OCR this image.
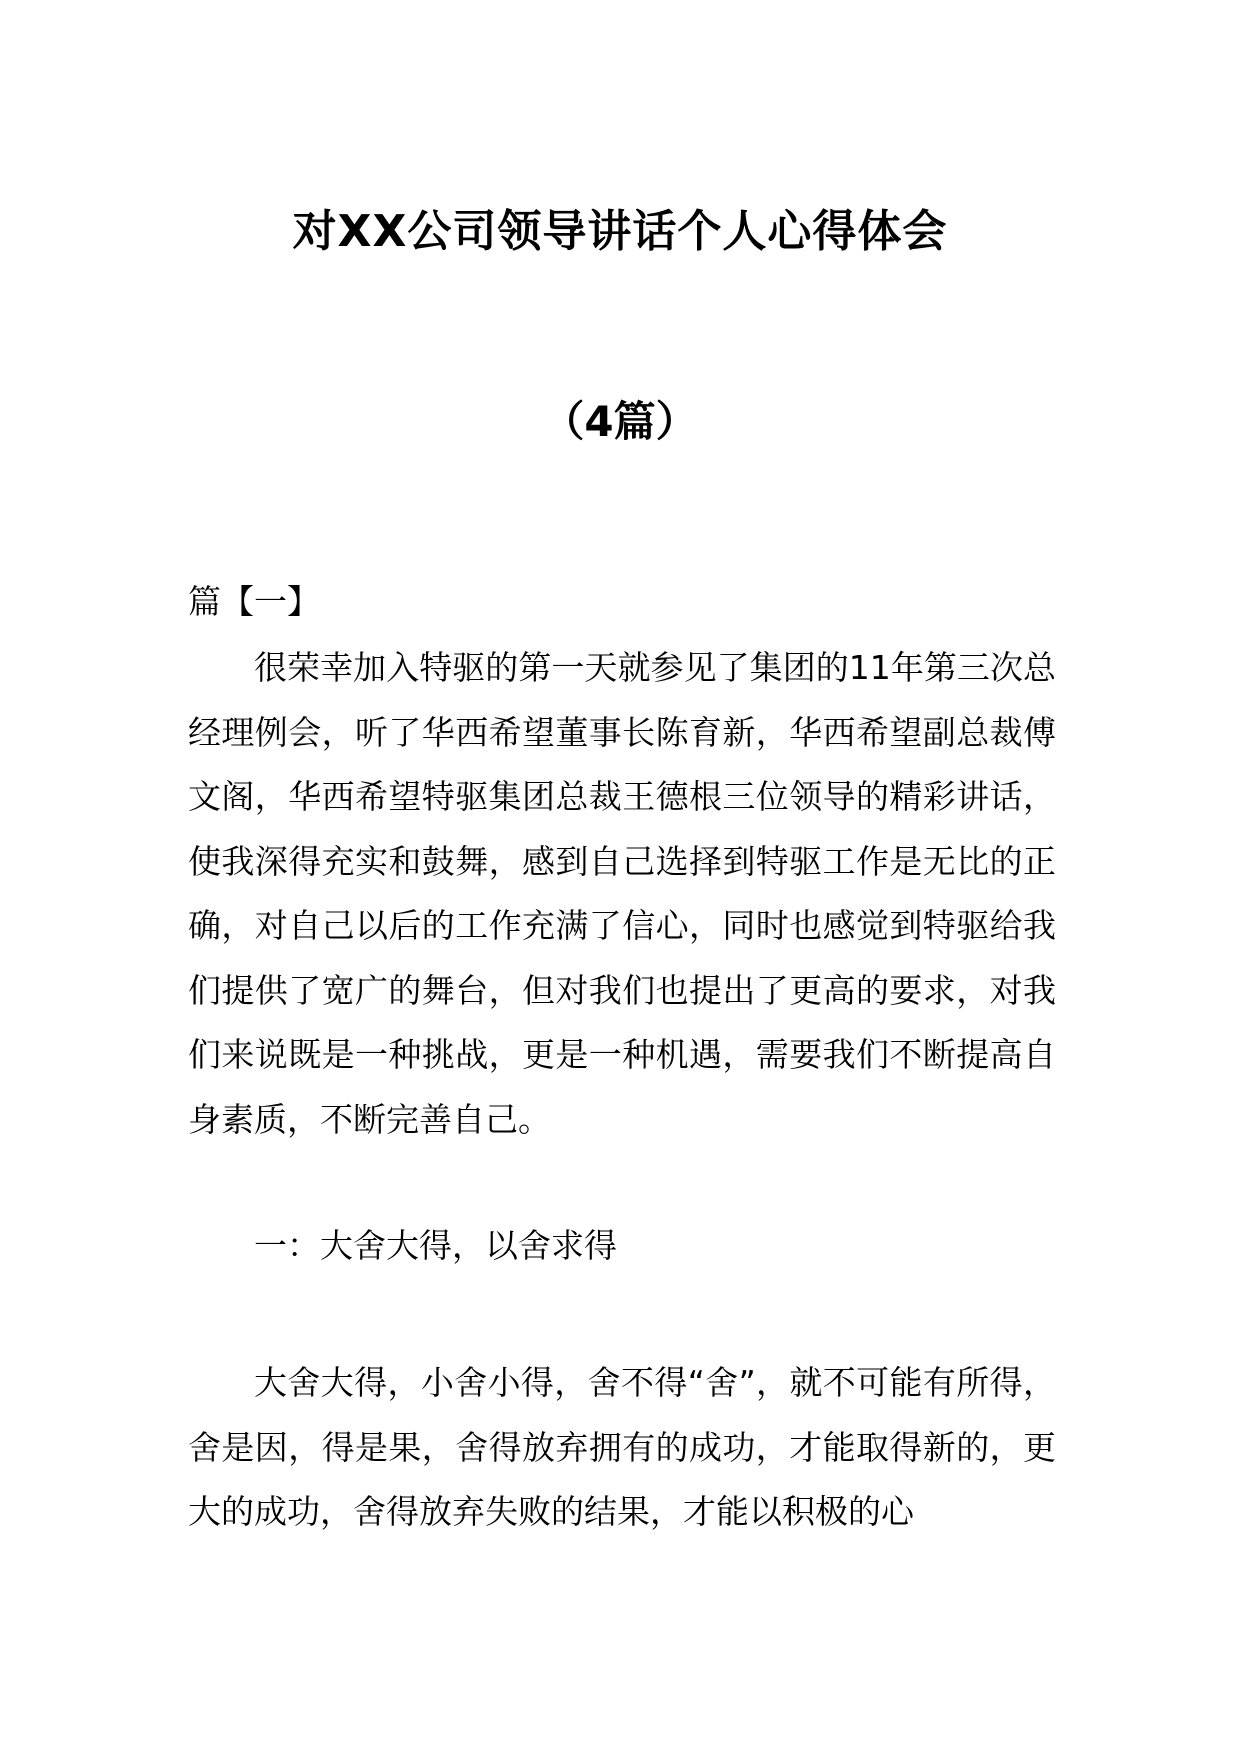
对XX公司领导讲话个人心得体会
（4篇）
篇【一】

很荣幸加入特驱的第一天就参见了集团的11年第三次总经理例会，听了华西希望董事长陈育新，华西希望副总裁傅文阁，华西希望特驱集团总裁王德根三位领导的精彩讲话，使我深得充实和鼓舞，感到自己选择到特驱工作是无比的正确，对自己以后的工作充满了信心，同时也感觉到特驱给我们提供了宽广的舞台，但对我们也提出了更高的要求，对我们来说既是一种挑战，更是一种机遇，需要我们不断提高自身素质，不断完善自己。

一：大舍大得，以舍求得

大舍大得，小舍小得，舍不得“舍”，就不可能有所得，舍是因，得是果，舍得放弃拥有的成功，才能取得新的，更大的成功，舍得放弃失败的结果，才能以积极的心
